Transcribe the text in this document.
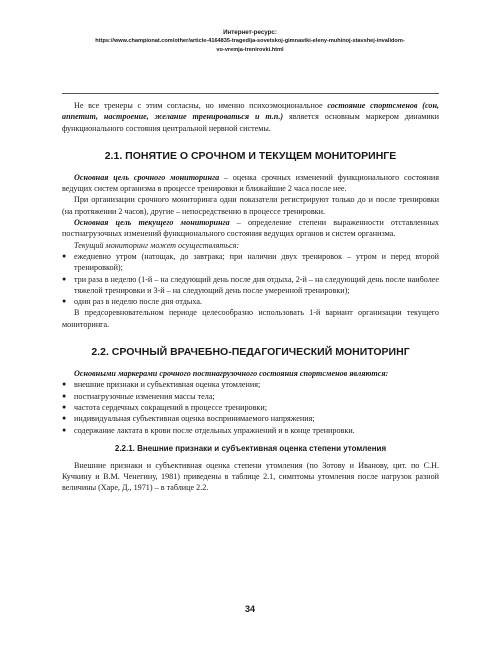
Интернет-ресурс:
https://www.championat.com/other/article-4164835-tragedija-sovetskoj-gimnastki-eleny-muhinoj-stavshej-invalidom-
vo-vremja-trenirovki.html

Не все тренеры с этим согласны, но именно психоэмоциональное состояние спортсменов (сон, аппетит, настроение, желание тренироваться и т.п.) является основным маркером динамики функционального состояния центральной нервной системы.

2.1. ПОНЯТИЕ О СРОЧНОМ И ТЕКУЩЕМ МОНИТОРИНГЕ

Основная цель срочного мониторинга – оценка срочных изменений функционального состояния ведущих систем организма в процессе тренировки и ближайшие 2 часа после нее.

При организации срочного мониторинга одни показатели регистрируют только до и после тренировки (на протяжении 2 часов), другие – непосредственно в процессе тренировки.

Основная цель текущего мониторинга – определение степени выраженности отставленных постнагрузочных изменений функционального состояния ведущих органов и систем организма.

Текущий мониторинг может осуществляться:

● ежедневно утром (натощак, до завтрака; при наличии двух тренировок – утром и перед второй тренировкой);
● три раза в неделю (1-й – на следующий день после дня отдыха, 2-й – на следующий день после наиболее тяжелой тренировки и 3-й – на следующий день после умеренной тренировки);
● один раз в неделю после дня отдыха.

В предсоревновательном периоде целесообразно использовать 1-й вариант организации текущего мониторинга.

2.2. СРОЧНЫЙ ВРАЧЕБНО-ПЕДАГОГИЧЕСКИЙ МОНИТОРИНГ

Основными маркерами срочного постнагрузочного состояния спортсменов являются:

● внешние признаки и субъективная оценка утомления;
● постнагрузочные изменения массы тела;
● частота сердечных сокращений в процессе тренировки;
● индивидуальная субъективная оценка воспринимаемого напряжения;
● содержание лактата в крови после отдельных упражнений и в конце тренировки.
2.2.1. Внешние признаки и субъективная оценка степени утомления

Внешние признаки и субъективная оценка степени утомления (по Зотову и Иванову, цит. по С.Н. Кучкину и В.М. Ченегину, 1981) приведены в таблице 2.1, симптомы утомления после нагрузок разной величины (Харе, Д., 1971) – в таблице 2.2.

34
